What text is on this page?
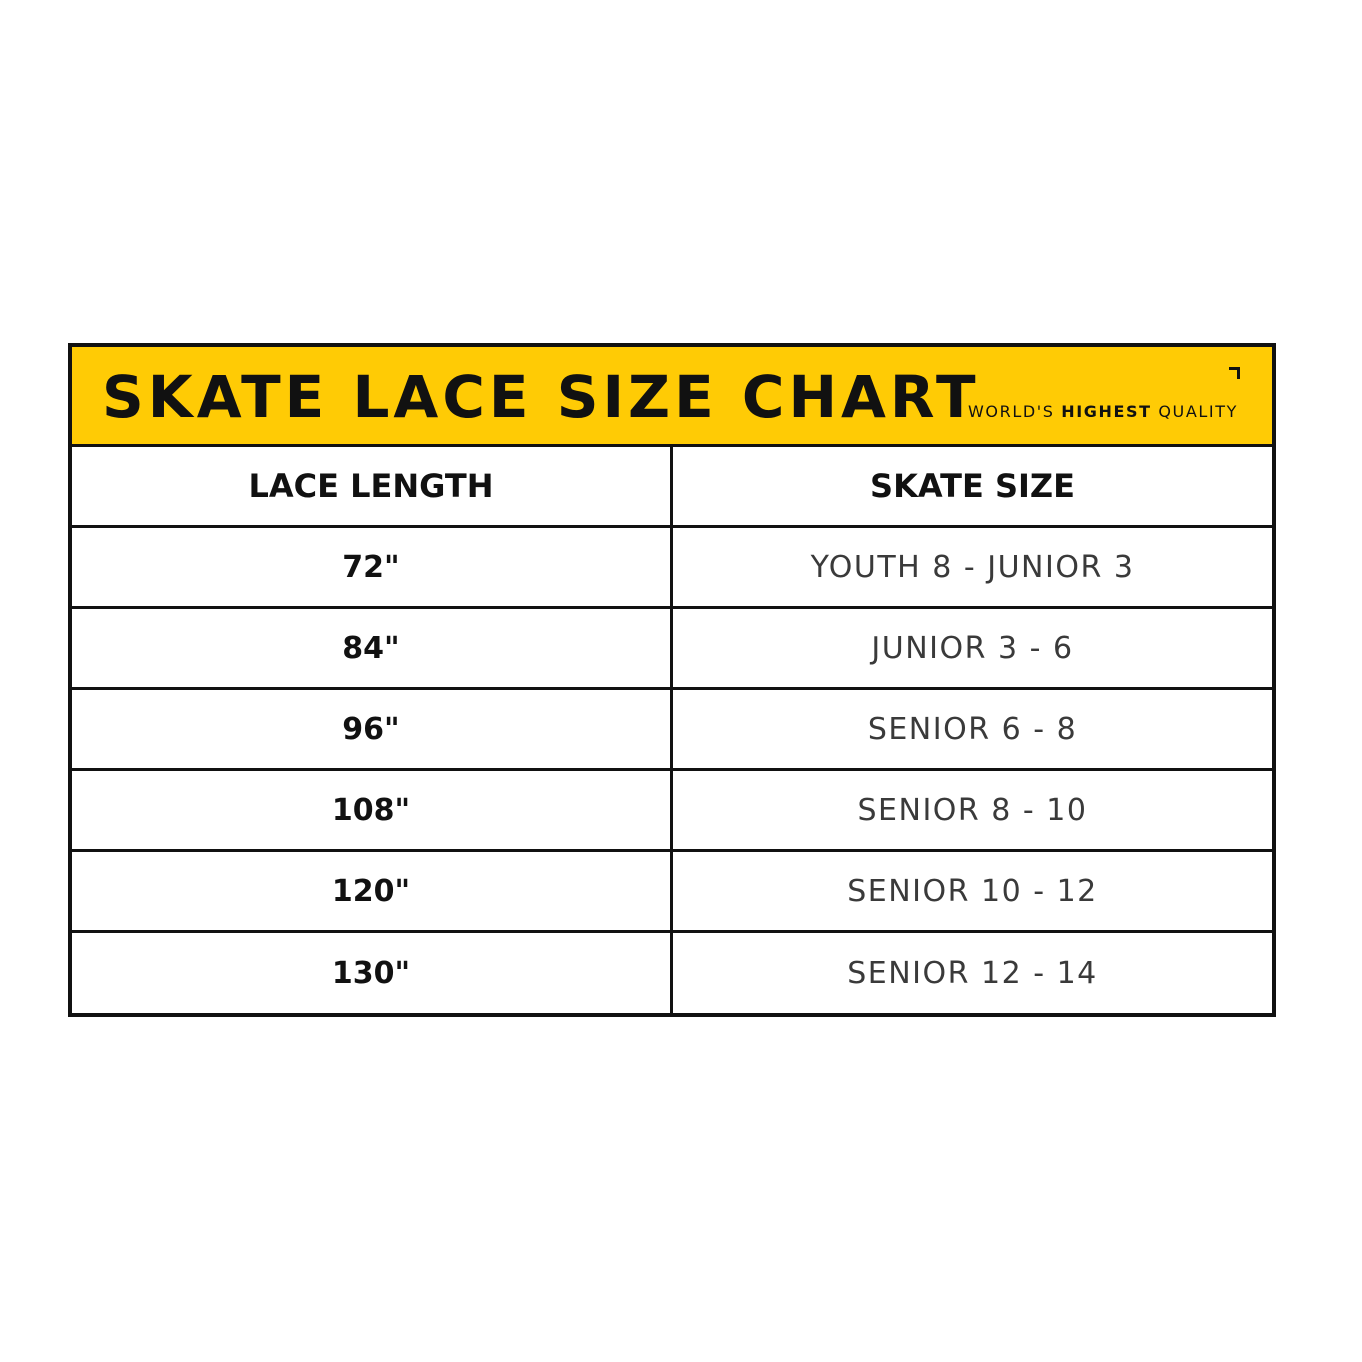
SKATE LACE SIZE CHART
WORLD'S HIGHEST QUALITY
LACE LENGTH	SKATE SIZE
72"	YOUTH 8 - JUNIOR 3
84"	JUNIOR 3 - 6
96"	SENIOR 6 - 8
108"	SENIOR 8 - 10
120"	SENIOR 10 - 12
130"	SENIOR 12 - 14
